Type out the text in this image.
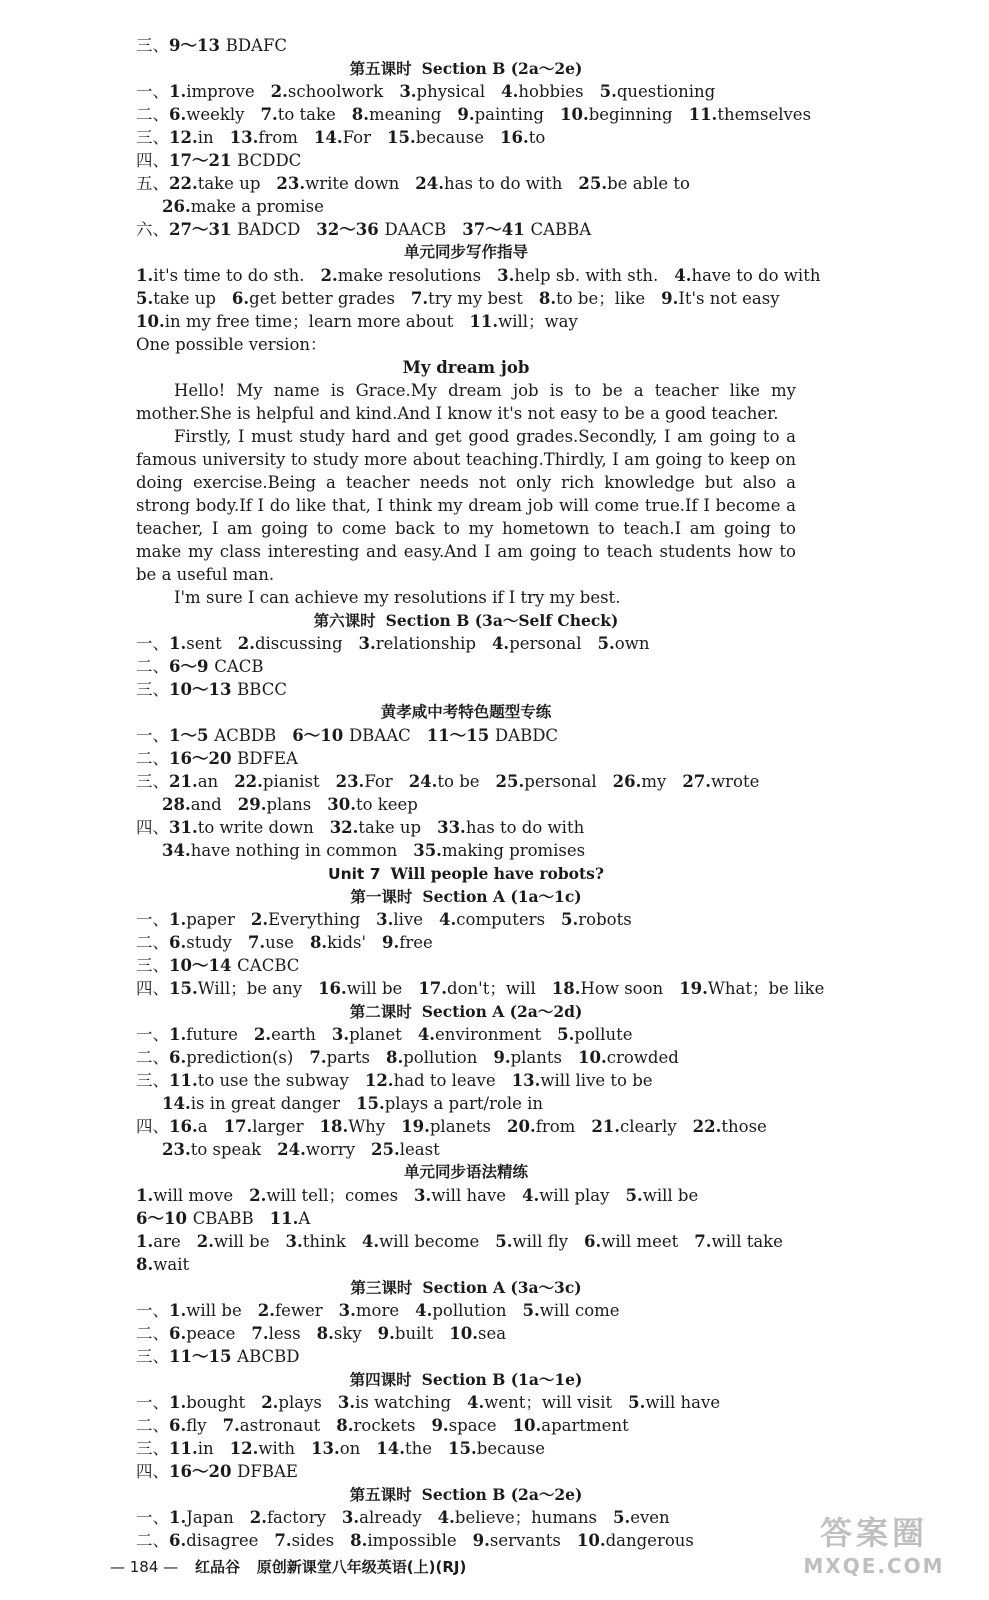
三、9～13 BDAFC
第五课时 Section B (2a～2e)
一、1.improve 2.schoolwork 3.physical 4.hobbies 5.questioning
二、6.weekly 7.to take 8.meaning 9.painting 10.beginning 11.themselves
三、12.in 13.from 14.For 15.because 16.to
四、17～21 BCDDC
五、22.take up 23.write down 24.has to do with 25.be able to
26.make a promise
六、27～31 BADCD 32～36 DAACB 37～41 CABBA
单元同步写作指导
1.it's time to do sth. 2.make resolutions 3.help sb. with sth. 4.have to do with
5.take up 6.get better grades 7.try my best 8.to be；like 9.It's not easy
10.in my free time；learn more about 11.will；way
One possible version：
My dream job
Hello! My name is Grace.My dream job is to be a teacher like my mother.She is helpful and kind.And I know it's not easy to be a good teacher.
Firstly, I must study hard and get good grades.Secondly, I am going to a famous university to study more about teaching.Thirdly, I am going to keep on doing exercise.Being a teacher needs not only rich knowledge but also a strong body.If I do like that, I think my dream job will come true.If I become a teacher, I am going to come back to my hometown to teach.I am going to make my class interesting and easy.And I am going to teach students how to be a useful man.
I'm sure I can achieve my resolutions if I try my best.
第六课时 Section B (3a～Self Check)
一、1.sent 2.discussing 3.relationship 4.personal 5.own
二、6～9 CACB
三、10～13 BBCC
黄孝咸中考特色题型专练
一、1～5 ACBDB 6～10 DBAAC 11～15 DABDC
二、16～20 BDFEA
三、21.an 22.pianist 23.For 24.to be 25.personal 26.my 27.wrote
28.and 29.plans 30.to keep
四、31.to write down 32.take up 33.has to do with
34.have nothing in common 35.making promises
Unit 7 Will people have robots?
第一课时 Section A (1a～1c)
一、1.paper 2.Everything 3.live 4.computers 5.robots
二、6.study 7.use 8.kids' 9.free
三、10～14 CACBC
四、15.Will；be any 16.will be 17.don't；will 18.How soon 19.What；be like
第二课时 Section A (2a～2d)
一、1.future 2.earth 3.planet 4.environment 5.pollute
二、6.prediction(s) 7.parts 8.pollution 9.plants 10.crowded
三、11.to use the subway 12.had to leave 13.will live to be
14.is in great danger 15.plays a part/role in
四、16.a 17.larger 18.Why 19.planets 20.from 21.clearly 22.those
23.to speak 24.worry 25.least
单元同步语法精练
1.will move 2.will tell；comes 3.will have 4.will play 5.will be
6～10 CBABB 11.A
1.are 2.will be 3.think 4.will become 5.will fly 6.will meet 7.will take
8.wait
第三课时 Section A (3a～3c)
一、1.will be 2.fewer 3.more 4.pollution 5.will come
二、6.peace 7.less 8.sky 9.built 10.sea
三、11～15 ABCBD
第四课时 Section B (1a～1e)
一、1.bought 2.plays 3.is watching 4.went；will visit 5.will have
二、6.fly 7.astronaut 8.rockets 9.space 10.apartment
三、11.in 12.with 13.on 14.the 15.because
四、16～20 DFBAE
第五课时 Section B (2a～2e)
一、1.Japan 2.factory 3.already 4.believe；humans 5.even
二、6.disagree 7.sides 8.impossible 9.servants 10.dangerous
— 184 — 红品谷 原创新课堂八年级英语(上)(RJ)
答案圈
MXQE.COM
